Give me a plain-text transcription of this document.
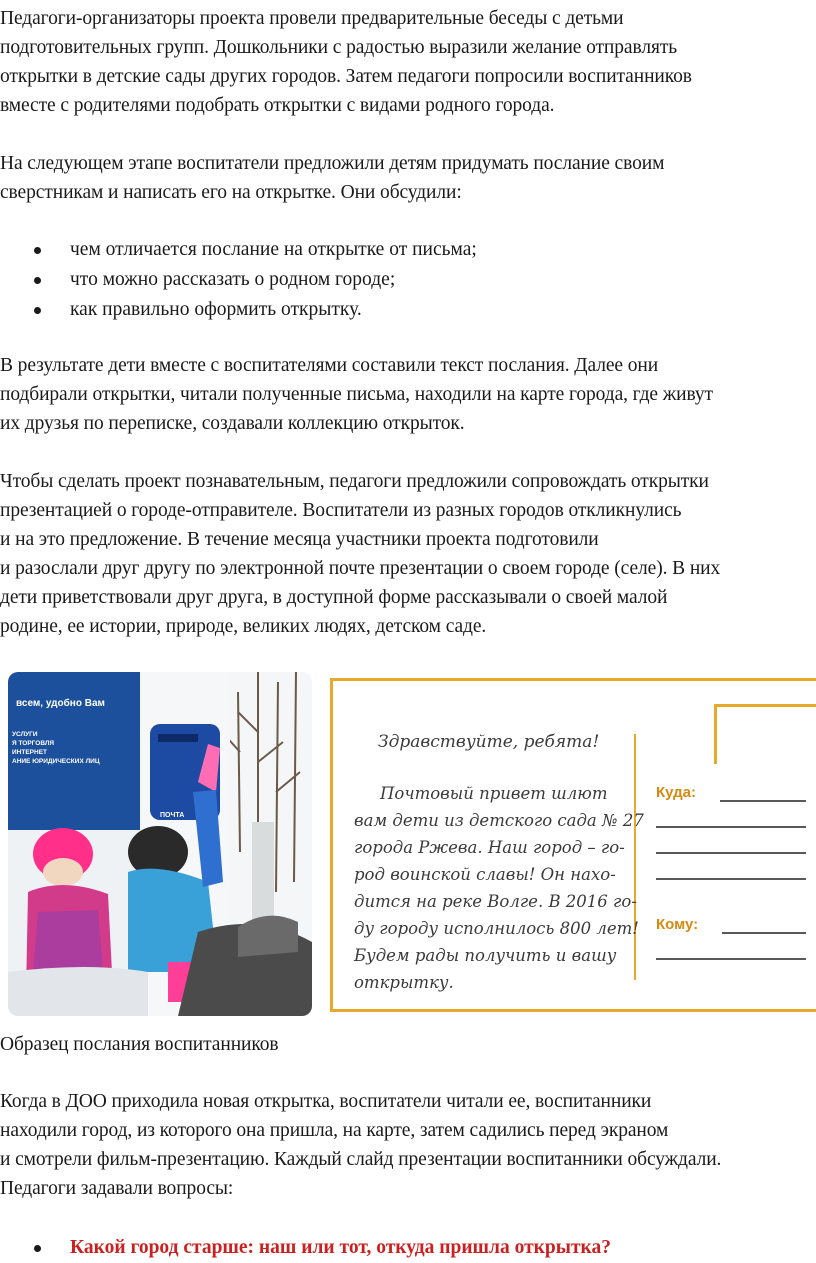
Педагоги-организаторы проекта провели предварительные беседы с детьми
подготовительных групп. Дошкольники с радостью выразили желание отправлять
открытки в детские сады других городов. Затем педагоги попросили воспитанников
вместе с родителями подобрать открытки с видами родного города.
На следующем этапе воспитатели предложили детям придумать послание своим
сверстникам и написать его на открытке. Они обсудили:
чем отличается послание на открытке от письма;
что можно рассказать о родном городе;
как правильно оформить открытку.
В результате дети вместе с воспитателями составили текст послания. Далее они
подбирали открытки, читали полученные письма, находили на карте города, где живут
их друзья по переписке, создавали коллекцию открыток.
Чтобы сделать проект познавательным, педагоги предложили сопровождать открытки
презентацией о городе-отправителе. Воспитатели из разных городов откликнулись
и на это предложение. В течение месяца участники проекта подготовили
и разослали друг другу по электронной почте презентации о своем городе (селе). В них
дети приветствовали друг друга, в доступной форме рассказывали о своей малой
родине, ее истории, природе, великих людях, детском саде.
всем, удобно Вам
УСЛУГИ
Я ТОРГОВЛЯ
ИНТЕРНЕТ
АНИЕ ЮРИДИЧЕСКИХ ЛИЦ
ПОЧТА
Здравствуйте, ребята!
Почтовый привет шлют
вам дети из детского сада № 27
города Ржева. Наш город – го-
род воинской славы! Он нахо-
дится на реке Волге. В 2016 го-
ду городу исполнилось 800 лет!
Будем рады получить и вашу
открытку.
Куда:
Кому:
Образец послания воспитанников
Когда в ДОО приходила новая открытка, воспитатели читали ее, воспитанники
находили город, из которого она пришла, на карте, затем садились перед экраном
и смотрели фильм-презентацию. Каждый слайд презентации воспитанники обсуждали.
Педагоги задавали вопросы:
Какой город старше: наш или тот, откуда пришла открытка?
